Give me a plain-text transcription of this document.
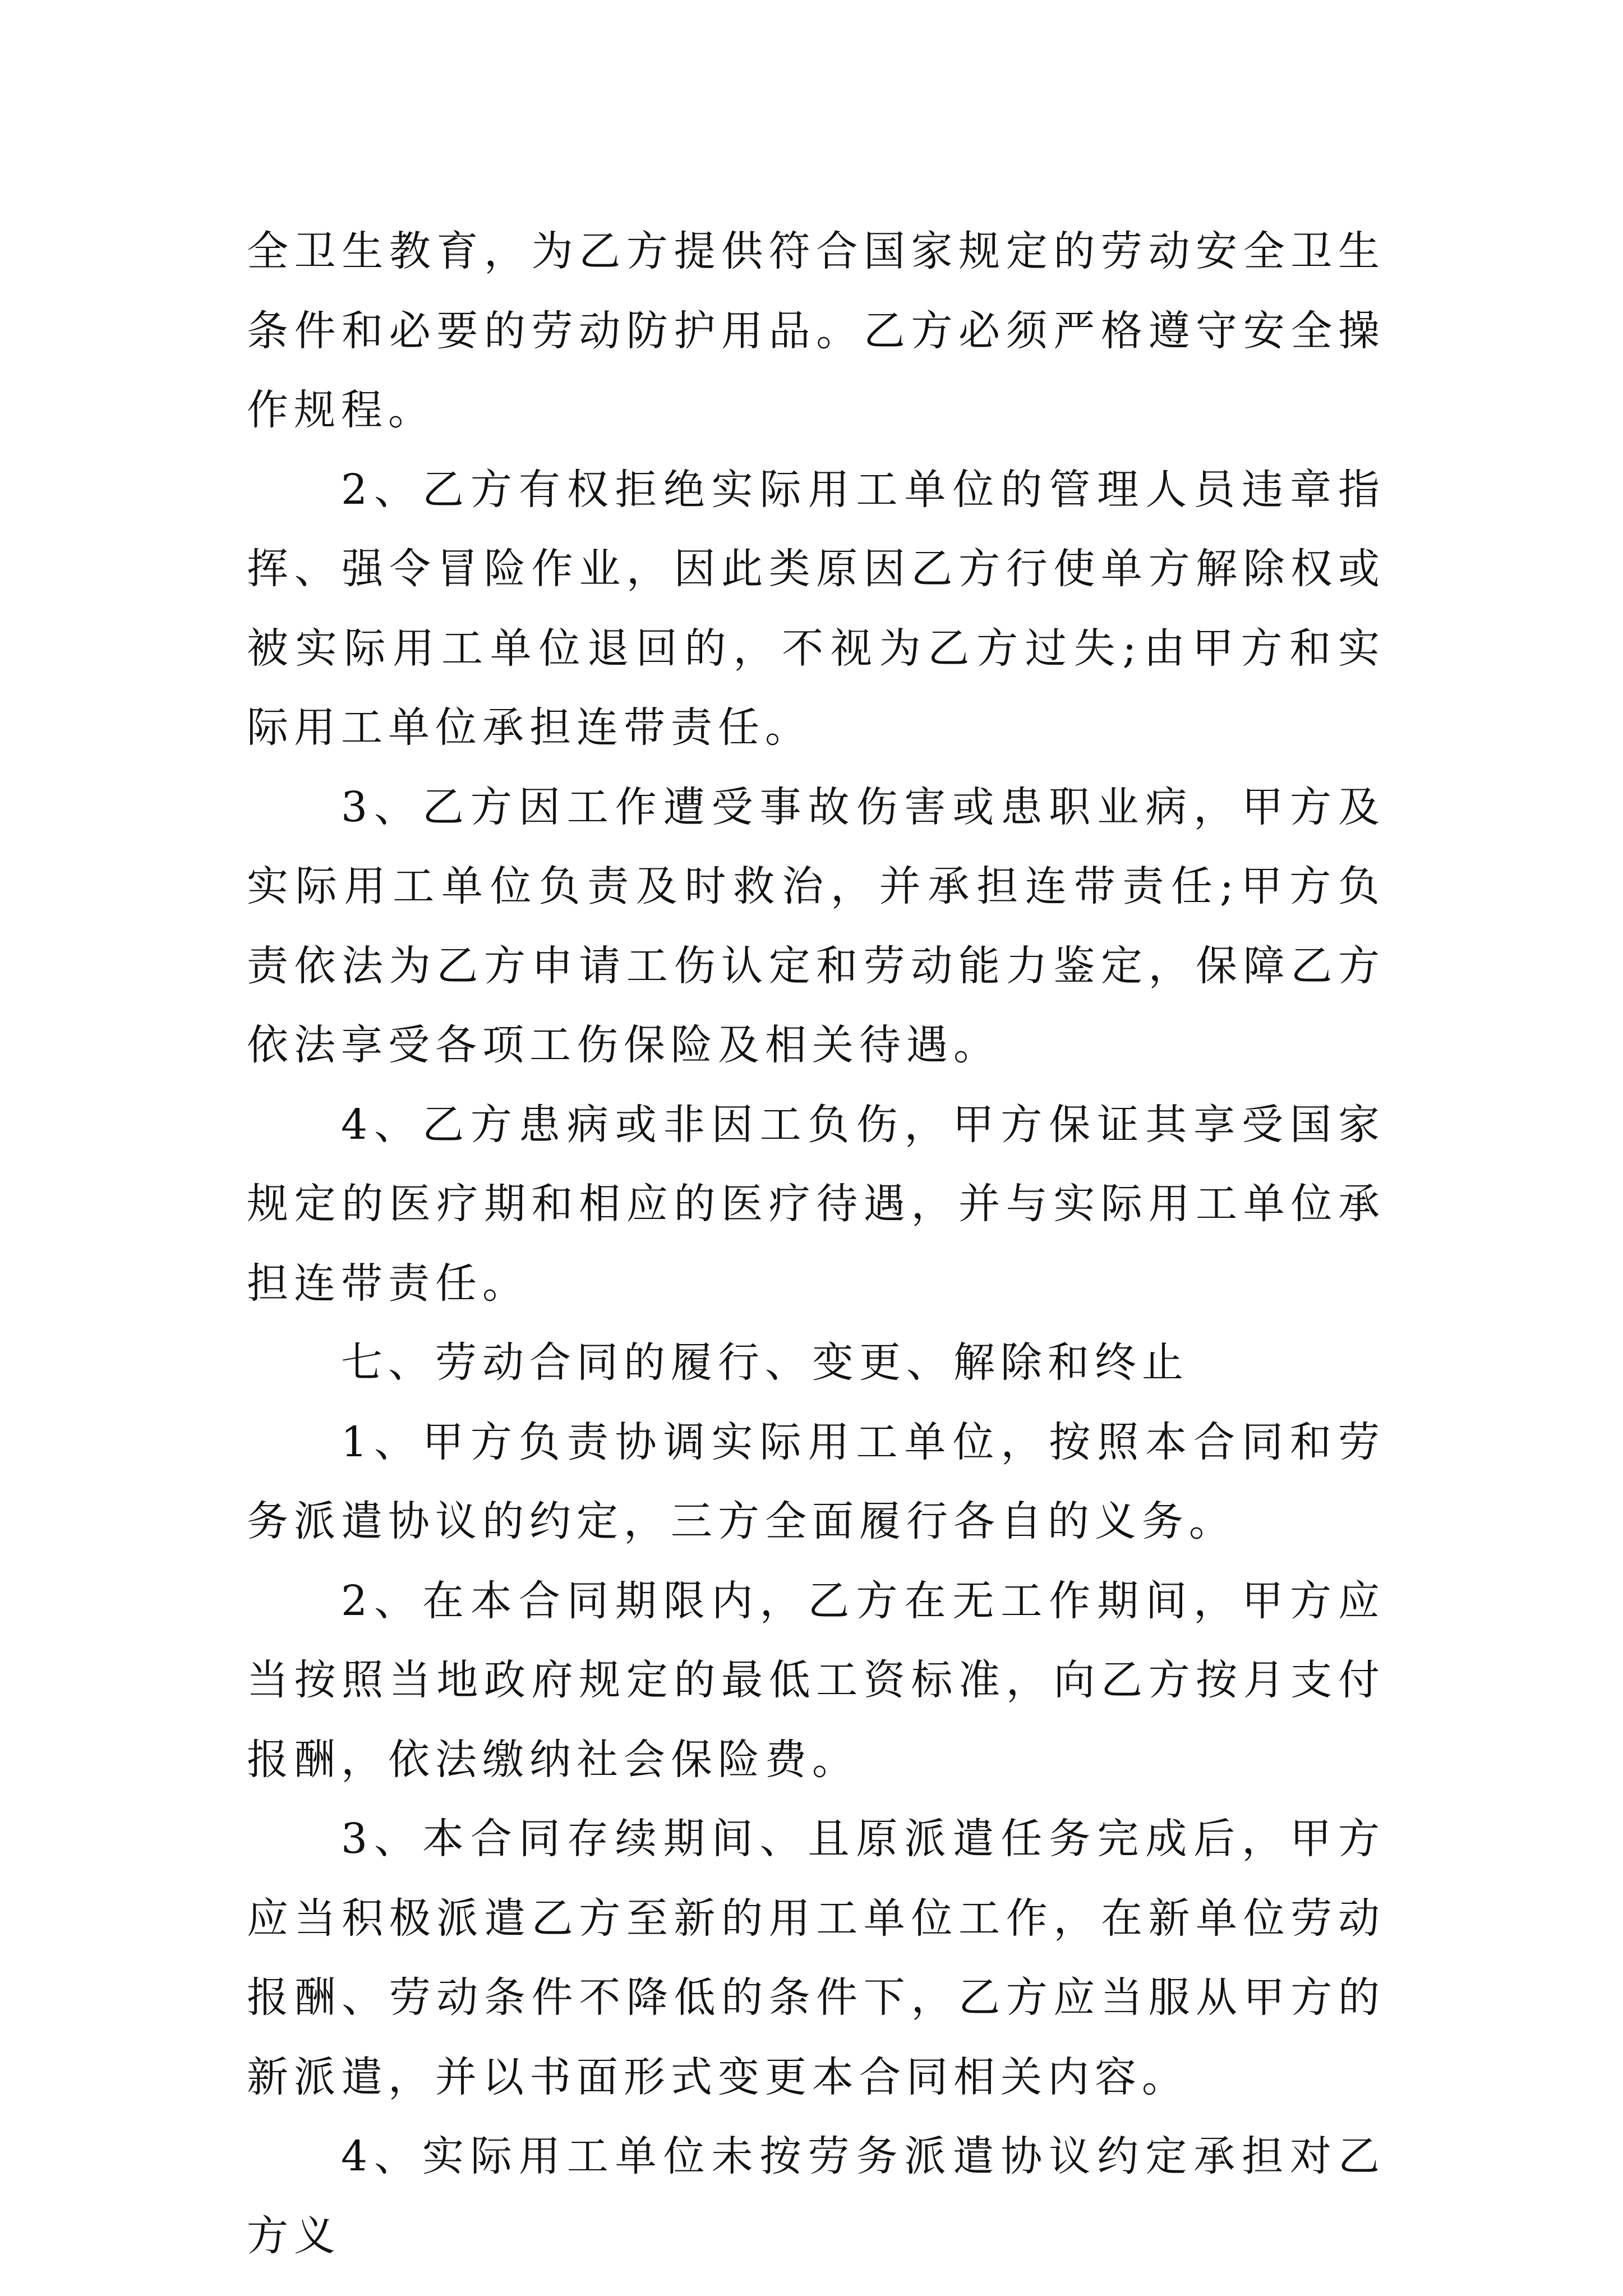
全卫生教育，为乙方提供符合国家规定的劳动安全卫生条件和必要的劳动防护用品。乙方必须严格遵守安全操作规程。

2、乙方有权拒绝实际用工单位的管理人员违章指挥、强令冒险作业，因此类原因乙方行使单方解除权或被实际用工单位退回的，不视为乙方过失;由甲方和实际用工单位承担连带责任。

3、乙方因工作遭受事故伤害或患职业病，甲方及实际用工单位负责及时救治，并承担连带责任;甲方负责依法为乙方申请工伤认定和劳动能力鉴定，保障乙方依法享受各项工伤保险及相关待遇。

4、乙方患病或非因工负伤，甲方保证其享受国家规定的医疗期和相应的医疗待遇，并与实际用工单位承担连带责任。

七、劳动合同的履行、变更、解除和终止

1、甲方负责协调实际用工单位，按照本合同和劳务派遣协议的约定，三方全面履行各自的义务。

2、在本合同期限内，乙方在无工作期间，甲方应当按照当地政府规定的最低工资标准，向乙方按月支付报酬，依法缴纳社会保险费。

3、本合同存续期间、且原派遣任务完成后，甲方应当积极派遣乙方至新的用工单位工作，在新单位劳动报酬、劳动条件不降低的条件下，乙方应当服从甲方的新派遣，并以书面形式变更本合同相关内容。

4、实际用工单位未按劳务派遣协议约定承担对乙方义
